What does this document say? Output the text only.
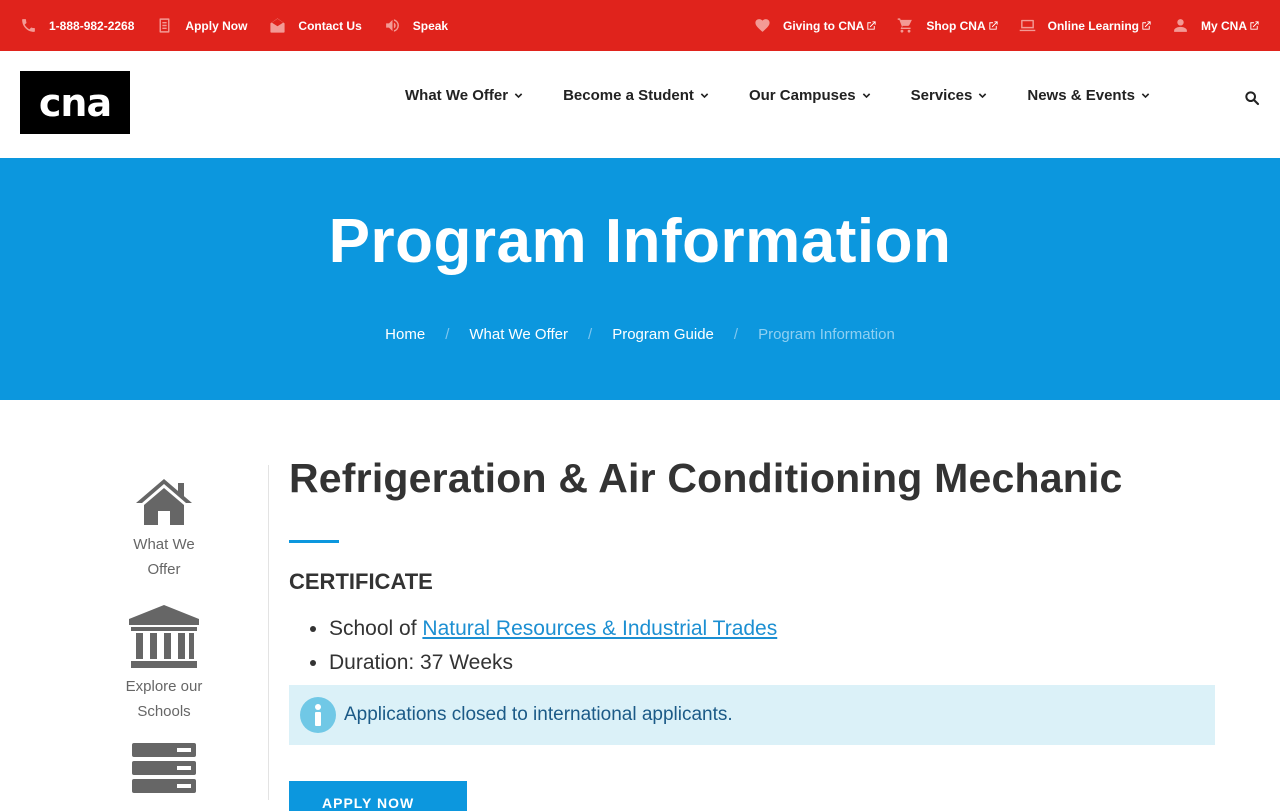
1-888-982-2268	Apply Now	Contact Us	Speak	Giving to CNA	Shop CNA	Online Learning	My CNA
cna	What We Offer	Become a Student	Our Campuses	Services	News & Events
Program Information
Home / What We Offer / Program Guide / Program Information
What We
Offer
Explore our
Schools
Refrigeration & Air Conditioning Mechanic
CERTIFICATE
• School of Natural Resources & Industrial Trades
• Duration: 37 Weeks
Applications closed to international applicants.
APPLY NOW
